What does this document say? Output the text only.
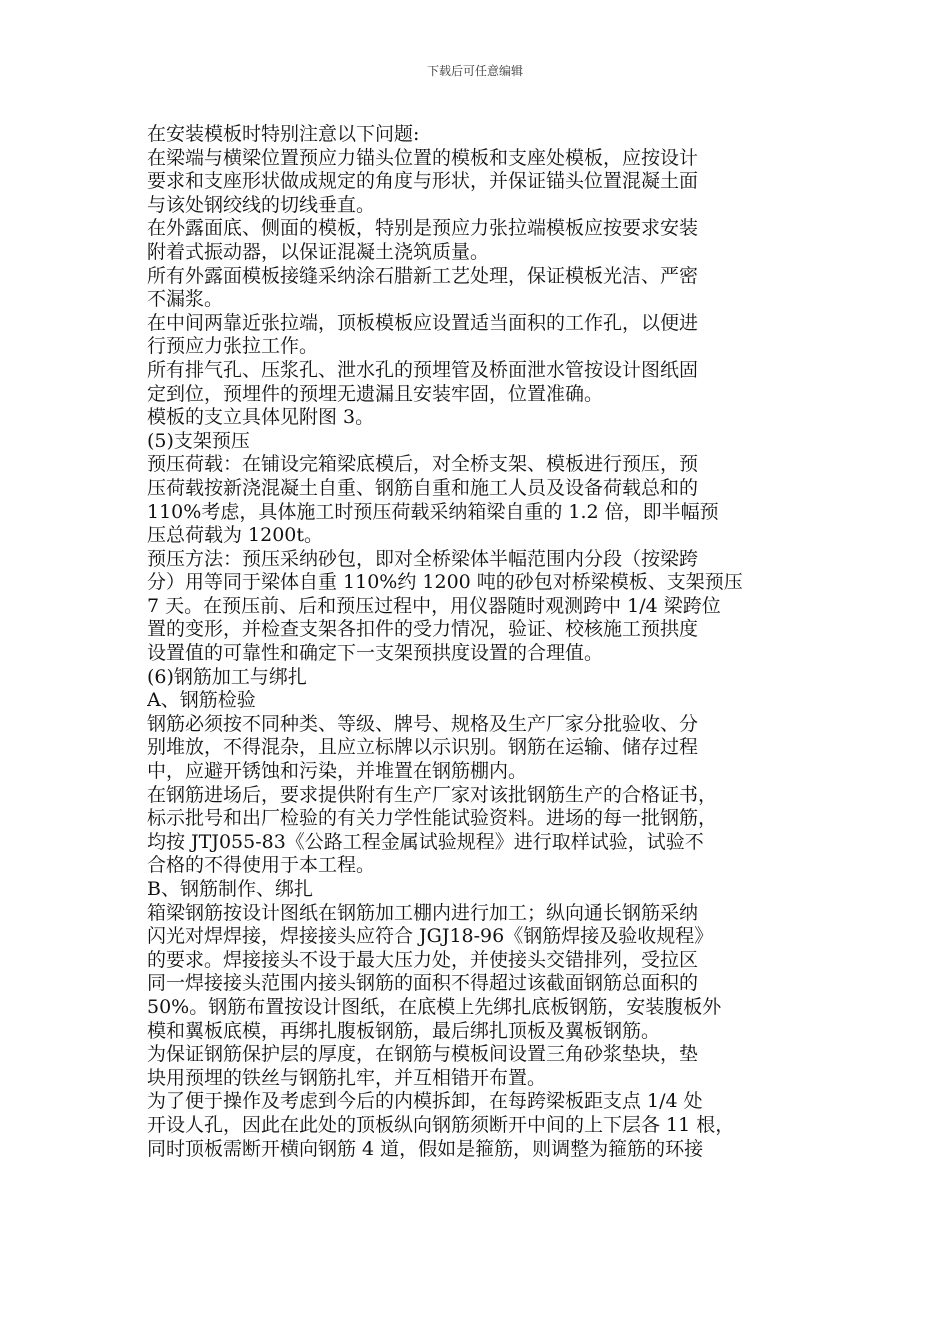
下载后可任意编辑
在安装模板时特别注意以下问题:
在梁端与横梁位置预应力锚头位置的模板和支座处模板，应按设计
要求和支座形状做成规定的角度与形状，并保证锚头位置混凝土面
与该处钢绞线的切线垂直。
在外露面底、侧面的模板，特别是预应力张拉端模板应按要求安装
附着式振动器，以保证混凝土浇筑质量。
所有外露面模板接缝采纳涂石腊新工艺处理，保证模板光洁、严密
不漏浆。
在中间两靠近张拉端，顶板模板应设置适当面积的工作孔，以便进
行预应力张拉工作。
所有排气孔、压浆孔、泄水孔的预埋管及桥面泄水管按设计图纸固
定到位，预埋件的预埋无遗漏且安装牢固，位置准确。
模板的支立具体见附图 3。
(5)支架预压
预压荷载：在铺设完箱梁底模后，对全桥支架、模板进行预压，预
压荷载按新浇混凝土自重、钢筋自重和施工人员及设备荷载总和的
110%考虑，具体施工时预压荷载采纳箱梁自重的 1.2 倍，即半幅预
压总荷载为 1200t。
预压方法：预压采纳砂包，即对全桥梁体半幅范围内分段（按梁跨
分）用等同于梁体自重 110%约 1200 吨的砂包对桥梁模板、支架预压
7 天。在预压前、后和预压过程中，用仪器随时观测跨中 1/4 梁跨位
置的变形，并检查支架各扣件的受力情况，验证、校核施工预拱度
设置值的可靠性和确定下一支架预拱度设置的合理值。
(6)钢筋加工与绑扎
A、钢筋检验
钢筋必须按不同种类、等级、牌号、规格及生产厂家分批验收、分
别堆放，不得混杂，且应立标牌以示识别。钢筋在运输、储存过程
中，应避开锈蚀和污染，并堆置在钢筋棚内。
在钢筋进场后，要求提供附有生产厂家对该批钢筋生产的合格证书，
标示批号和出厂检验的有关力学性能试验资料。进场的每一批钢筋，
均按 JTJ055-83《公路工程金属试验规程》进行取样试验，试验不
合格的不得使用于本工程。
B、钢筋制作、绑扎
箱梁钢筋按设计图纸在钢筋加工棚内进行加工；纵向通长钢筋采纳
闪光对焊焊接，焊接接头应符合 JGJ18-96《钢筋焊接及验收规程》
的要求。焊接接头不设于最大压力处，并使接头交错排列，受拉区
同一焊接接头范围内接头钢筋的面积不得超过该截面钢筋总面积的
50%。钢筋布置按设计图纸，在底模上先绑扎底板钢筋，安装腹板外
模和翼板底模，再绑扎腹板钢筋，最后绑扎顶板及翼板钢筋。
为保证钢筋保护层的厚度，在钢筋与模板间设置三角砂浆垫块，垫
块用预埋的铁丝与钢筋扎牢，并互相错开布置。
为了便于操作及考虑到今后的内模拆卸，在每跨梁板距支点 1/4 处
开设人孔，因此在此处的顶板纵向钢筋须断开中间的上下层各 11 根，
同时顶板需断开横向钢筋 4 道，假如是箍筋，则调整为箍筋的环接
